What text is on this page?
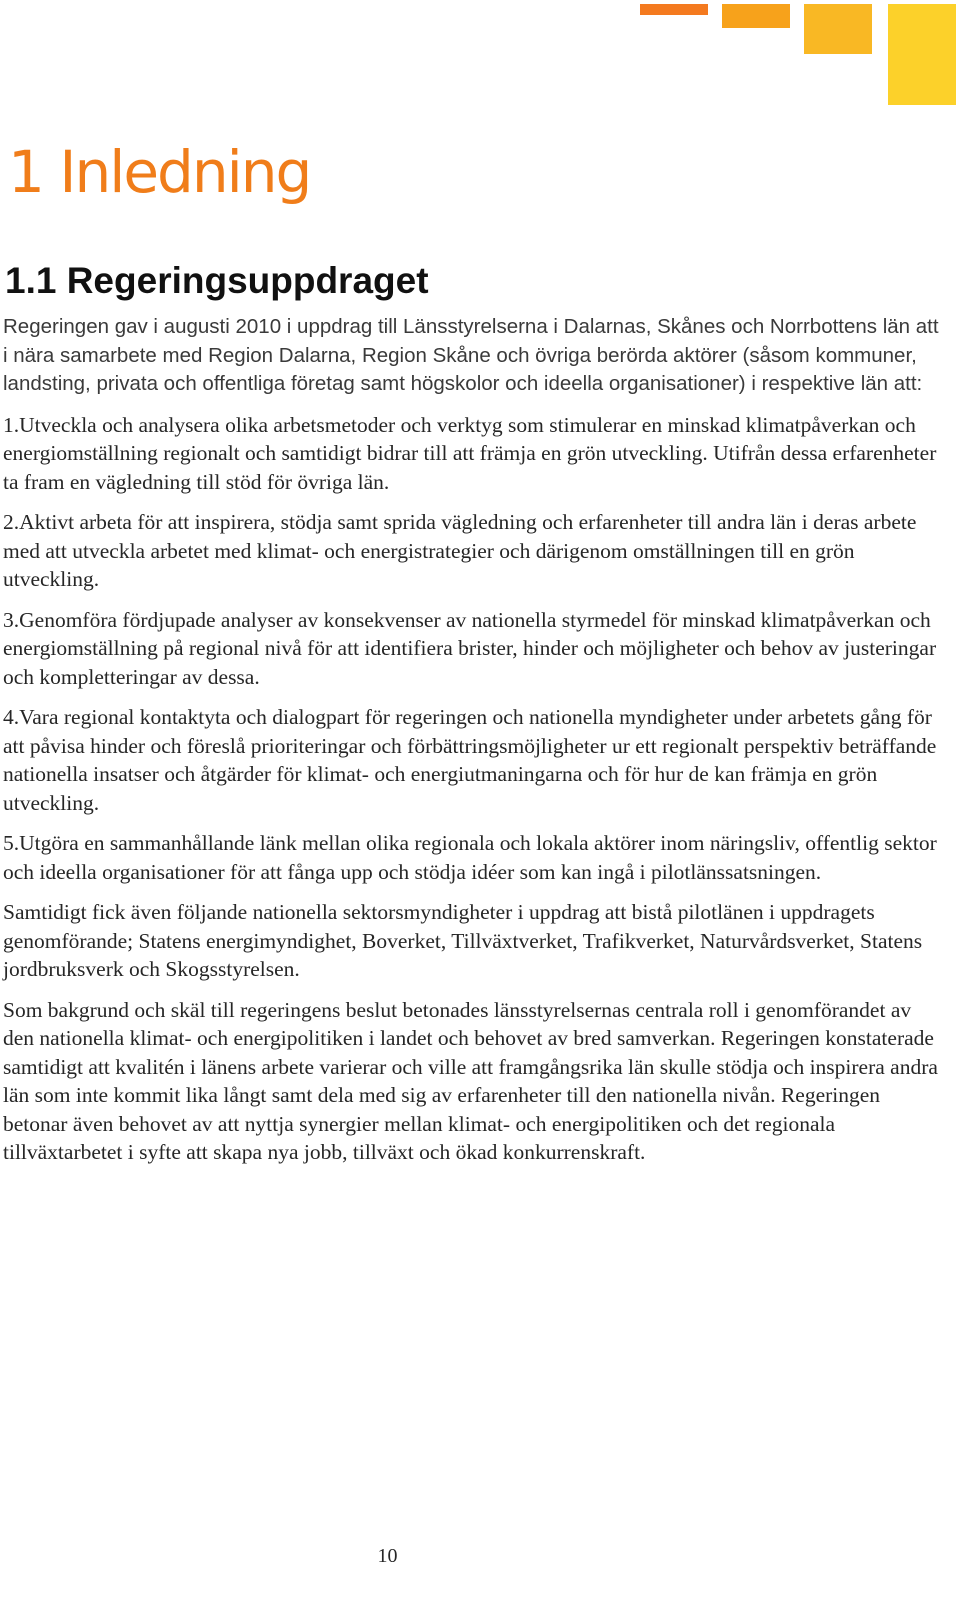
1 Inledning
1.1 Regeringsuppdraget

Regeringen gav i augusti 2010 i uppdrag till Länsstyrelserna i Dalarnas, Skånes och Norrbottens län att i nära samarbete med Region Dalarna, Region Skåne och övriga berörda aktörer (såsom kommuner, landsting, privata och offentliga företag samt högskolor och ideella organisationer) i respektive län att:

1.Utveckla och analysera olika arbetsmetoder och verktyg som stimulerar en minskad klimatpåverkan och energiomställning regionalt och samtidigt bidrar till att främja en grön utveckling. Utifrån dessa erfarenheter ta fram en vägledning till stöd för övriga län.

2.Aktivt arbeta för att inspirera, stödja samt sprida vägledning och erfarenheter till andra län i deras arbete med att utveckla arbetet med klimat- och energistrategier och därigenom omställningen till en grön utveckling.

3.Genomföra fördjupade analyser av konsekvenser av nationella styrmedel för minskad klimatpåverkan och energiomställning på regional nivå för att identifiera brister, hinder och möjligheter och behov av justeringar och kompletteringar av dessa.

4.Vara regional kontaktyta och dialogpart för regeringen och nationella myndigheter under arbetets gång för att påvisa hinder och föreslå prioriteringar och förbättringsmöjligheter ur ett regionalt perspektiv beträffande nationella insatser och åtgärder för klimat- och energiutmaningarna och för hur de kan främja en grön utveckling.

5.Utgöra en sammanhållande länk mellan olika regionala och lokala aktörer inom näringsliv, offentlig sektor och ideella organisationer för att fånga upp och stödja idéer som kan ingå i pilotlänssatsningen.

Samtidigt fick även följande nationella sektorsmyndigheter i uppdrag att bistå pilotlänen i uppdragets genomförande; Statens energimyndighet, Boverket, Tillväxtverket, Trafikverket, Naturvårdsverket, Statens jordbruksverk och Skogsstyrelsen.

Som bakgrund och skäl till regeringens beslut betonades länsstyrelsernas centrala roll i genomförandet av den nationella klimat- och energipolitiken i landet och behovet av bred samverkan. Regeringen konstaterade samtidigt att kvalitén i länens arbete varierar och ville att framgångsrika län skulle stödja och inspirera andra län som inte kommit lika långt samt dela med sig av erfarenheter till den nationella nivån. Regeringen betonar även behovet av att nyttja synergier mellan klimat- och energipolitiken och det regionala tillväxtarbetet i syfte att skapa nya jobb, tillväxt och ökad konkurrenskraft.

10
